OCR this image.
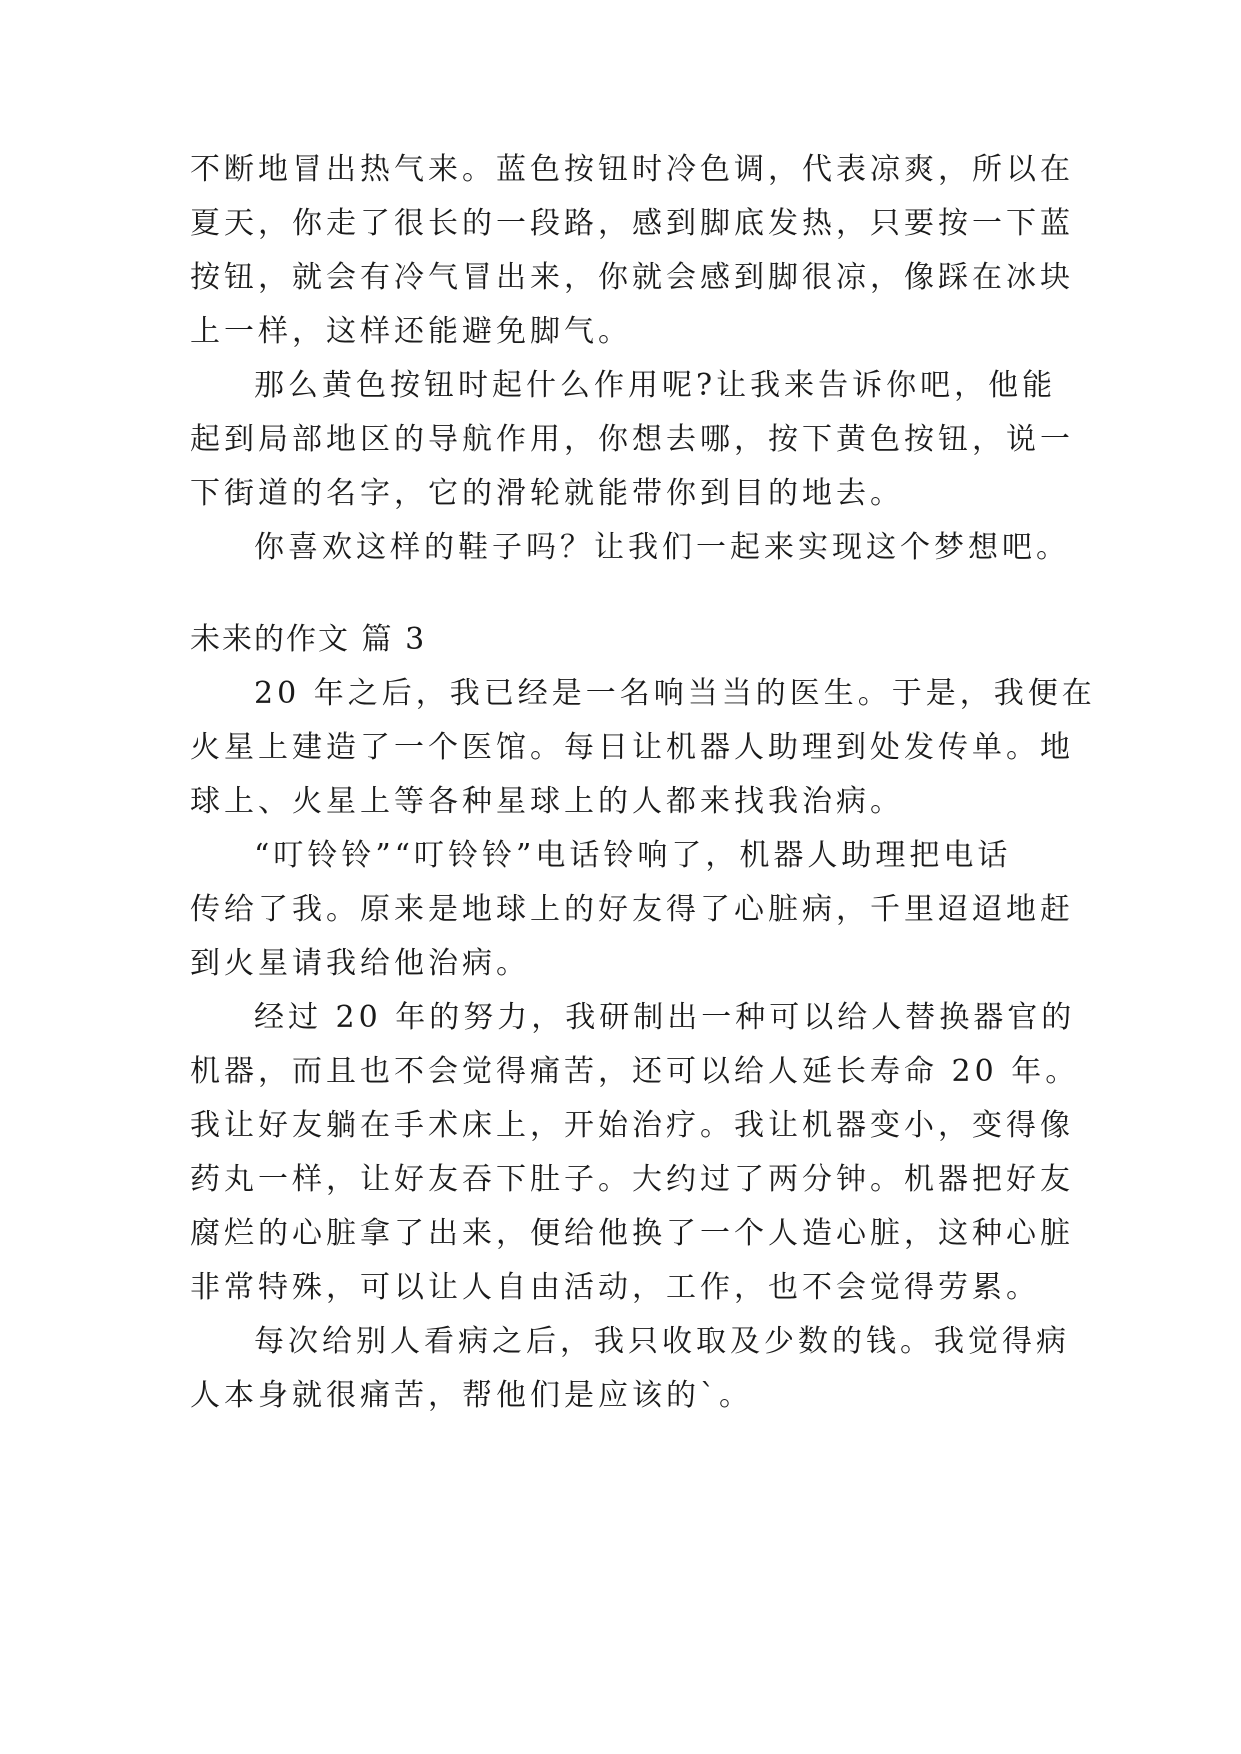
不断地冒出热气来。蓝色按钮时冷色调，代表凉爽，所以在
夏天，你走了很长的一段路，感到脚底发热，只要按一下蓝
按钮，就会有冷气冒出来，你就会感到脚很凉，像踩在冰块
上一样，这样还能避免脚气。
那么黄色按钮时起什么作用呢?让我来告诉你吧，他能
起到局部地区的导航作用，你想去哪，按下黄色按钮，说一
下街道的名字，它的滑轮就能带你到目的地去。
你喜欢这样的鞋子吗？让我们一起来实现这个梦想吧。
未来的作文 篇 3
20 年之后，我已经是一名响当当的医生。于是，我便在
火星上建造了一个医馆。每日让机器人助理到处发传单。地
球上、火星上等各种星球上的人都来找我治病。
“叮铃铃”“叮铃铃”电话铃响了，机器人助理把电话
传给了我。原来是地球上的好友得了心脏病，千里迢迢地赶
到火星请我给他治病。
经过 20 年的努力，我研制出一种可以给人替换器官的
机器，而且也不会觉得痛苦，还可以给人延长寿命 20 年。
我让好友躺在手术床上，开始治疗。我让机器变小，变得像
药丸一样，让好友吞下肚子。大约过了两分钟。机器把好友
腐烂的心脏拿了出来，便给他换了一个人造心脏，这种心脏
非常特殊，可以让人自由活动，工作，也不会觉得劳累。
每次给别人看病之后，我只收取及少数的钱。我觉得病
人本身就很痛苦，帮他们是应该的`。
